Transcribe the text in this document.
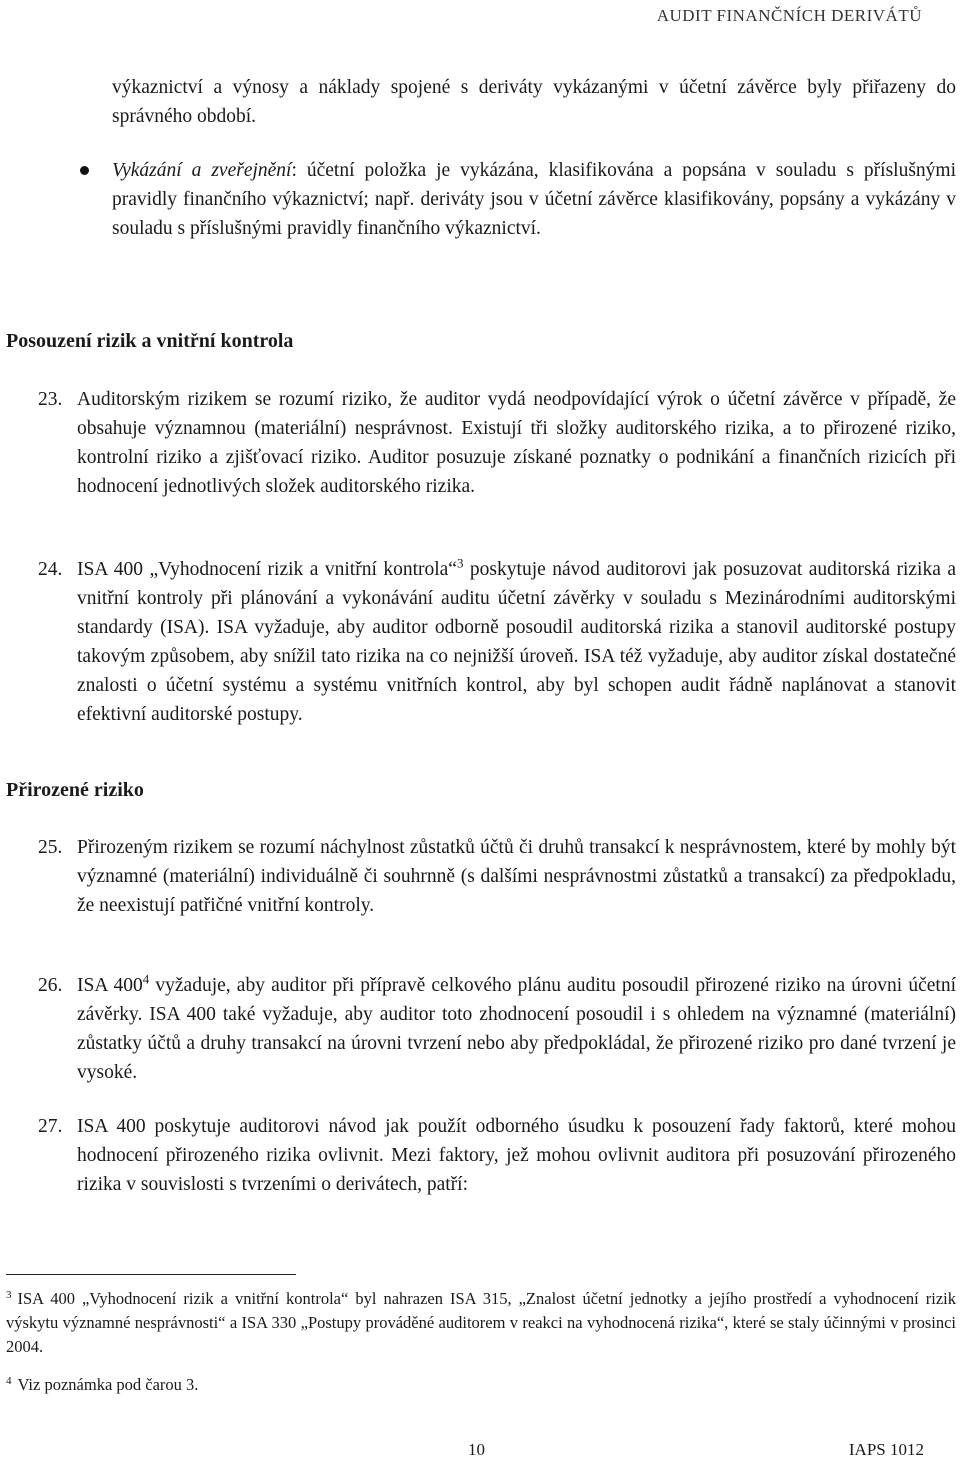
AUDIT FINANČNÍCH DERIVÁTŮ

výkaznictví a výnosy a náklady spojené s deriváty vykázanými v účetní závěrce byly přiřazeny do správného období.

Vykázání a zveřejnění: účetní položka je vykázána, klasifikována a popsána v souladu s příslušnými pravidly finančního výkaznictví; např. deriváty jsou v účetní závěrce klasifikovány, popsány a vykázány v souladu s příslušnými pravidly finančního výkaznictví.

Posouzení rizik a vnitřní kontrola
23. Auditorským rizikem se rozumí riziko, že auditor vydá neodpovídající výrok o účetní závěrce v případě, že obsahuje významnou (materiální) nesprávnost. Existují tři složky auditorského rizika, a to přirozené riziko, kontrolní riziko a zjišťovací riziko. Auditor posuzuje získané poznatky o podnikání a finančních rizicích při hodnocení jednotlivých složek auditorského rizika.

24. ISA 400 „Vyhodnocení rizik a vnitřní kontrola“$^3$ poskytuje návod auditorovi jak posuzovat auditorská rizika a vnitřní kontroly při plánování a vykonávání auditu účetní závěrky v souladu s Mezinárodními auditorskými standardy (ISA). ISA vyžaduje, aby auditor odborně posoudil auditorská rizika a stanovil auditorské postupy takovým způsobem, aby snížil tato rizika na co nejnižší úroveň. ISA též vyžaduje, aby auditor získal dostatečné znalosti o účetní systému a systému vnitřních kontrol, aby byl schopen audit řádně naplánovat a stanovit efektivní auditorské postupy.

Přirozené riziko
25. Přirozeným rizikem se rozumí náchylnost zůstatků účtů či druhů transakcí k nesprávnostem, které by mohly být významné (materiální) individuálně či souhrnně (s dalšími nesprávnostmi zůstatků a transakcí) za předpokladu, že neexistují patřičné vnitřní kontroly.

26. ISA $400^4$ vyžaduje, aby auditor při přípravě celkového plánu auditu posoudil přirozené riziko na úrovni účetní závěrky. ISA 400 také vyžaduje, aby auditor toto zhodnocení posoudil i s ohledem na významné (materiální) zůstatky účtů a druhy transakcí na úrovni tvrzení nebo aby předpokládal, že přirozené riziko pro dané tvrzení je vysoké.

27. ISA 400 poskytuje auditorovi návod jak použít odborného úsudku k posouzení řady faktorů, které mohou hodnocení přirozeného rizika ovlivnit. Mezi faktory, jež mohou ovlivnit auditora při posuzování přirozeného rizika v souvislosti s tvrzeními o derivátech, patří:

$^3$ ISA 400 „Vyhodnocení rizik a vnitřní kontrola“ byl nahrazen ISA 315, „Znalost účetní jednotky a jejího prostředí a vyhodnocení rizik výskytu významné nesprávnosti“ a ISA 330 „Postupy prováděné auditorem v reakci na vyhodnocená rizika“, které se staly účinnými v prosinci 2004.
$^4$ Viz poznámka pod čarou 3.
10	IAPS 1012
